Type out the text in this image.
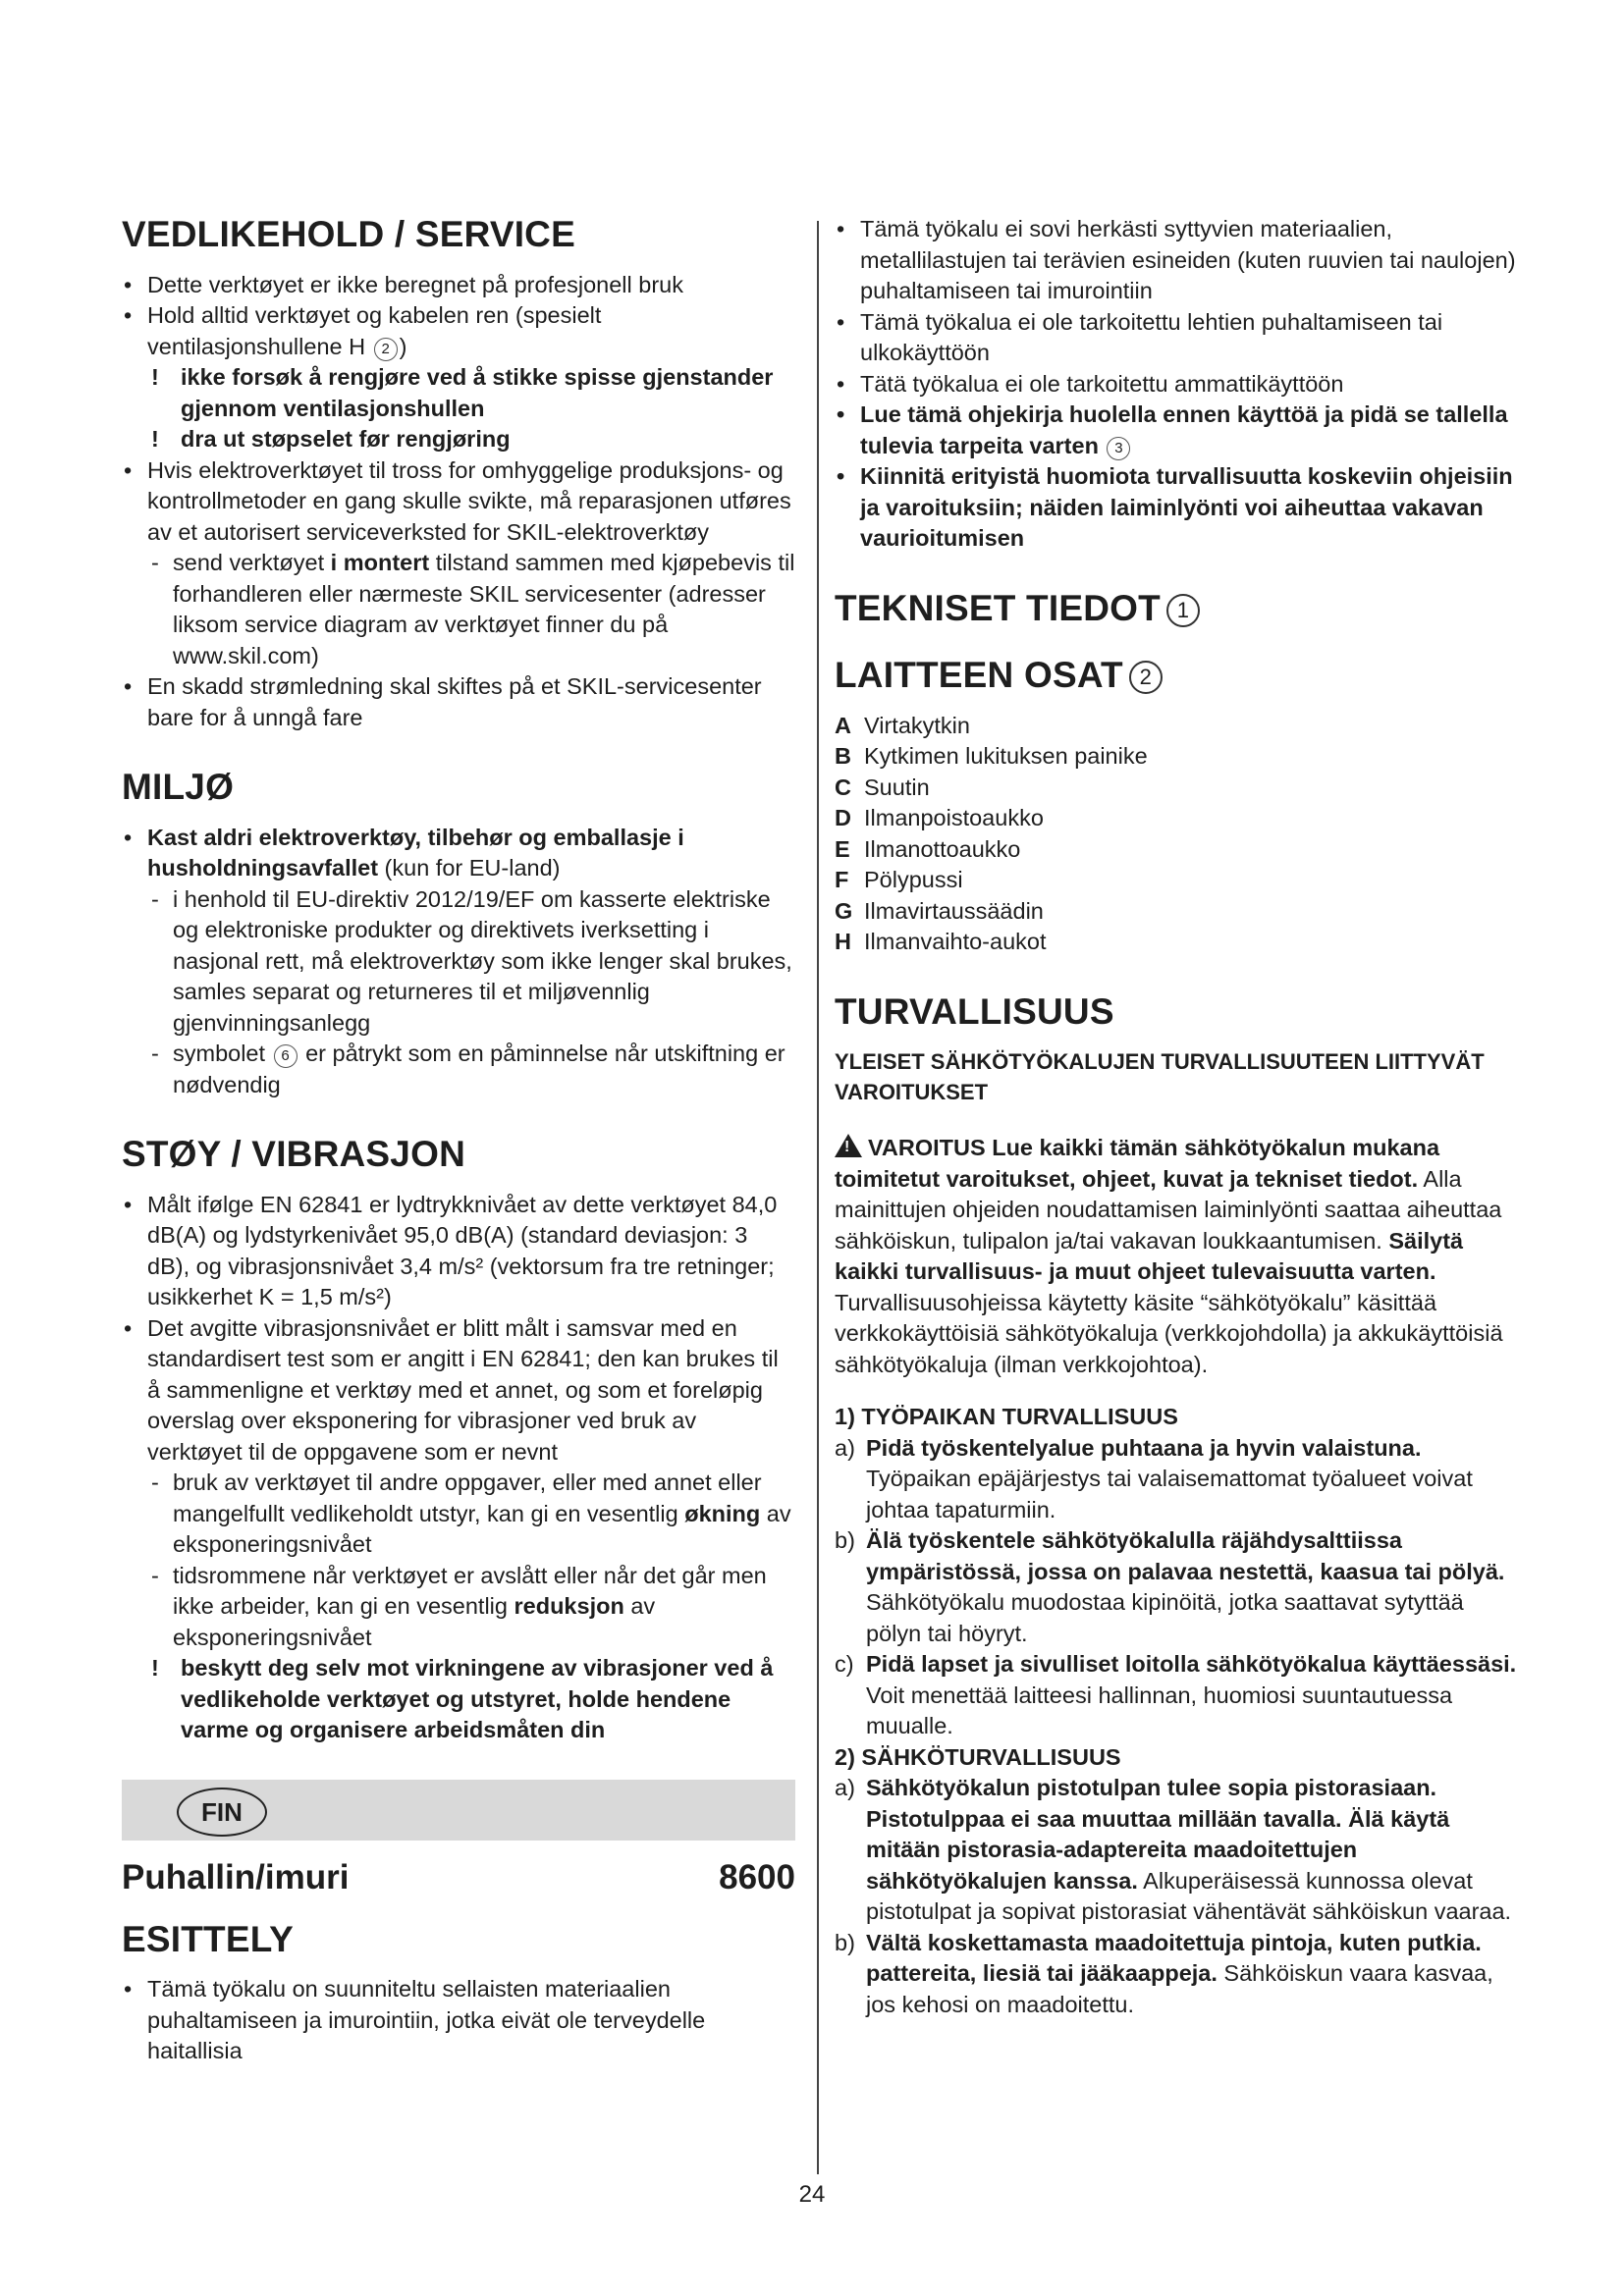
VEDLIKEHOLD / SERVICE
• Dette verktøyet er ikke beregnet på profesjonell bruk
• Hold alltid verktøyet og kabelen ren (spesielt ventilasjonshullene H 2 )
! ikke forsøk å rengjøre ved å stikke spisse gjenstander gjennom ventilasjonshullen
! dra ut støpselet før rengjøring
• Hvis elektroverktøyet til tross for omhyggelige produksjons- og kontrollmetoder en gang skulle svikte, må reparasjonen utføres av et autorisert serviceverksted for SKIL-elektroverktøy
- send verktøyet i montert tilstand sammen med kjøpebevis til forhandleren eller nærmeste SKIL servicesenter (adresser liksom service diagram av verktøyet finner du på www.skil.com)
• En skadd strømledning skal skiftes på et SKIL-servicesenter bare for å unngå fare
MILJØ
• Kast aldri elektroverktøy, tilbehør og emballasje i husholdningsavfallet (kun for EU-land)
- i henhold til EU-direktiv 2012/19/EF om kasserte elektriske og elektroniske produkter og direktivets iverksetting i nasjonal rett, må elektroverktøy som ikke lenger skal brukes, samles separat og returneres til et miljøvennlig gjenvinningsanlegg
- symbolet 6 er påtrykt som en påminnelse når utskiftning er nødvendig
STØY / VIBRASJON
• Målt ifølge EN 62841 er lydtrykknivået av dette verktøyet 84,0 dB(A) og lydstyrkenivået 95,0 dB(A) (standard deviasjon: 3 dB), og vibrasjonsnivået 3,4 m/s² (vektorsum fra tre retninger; usikkerhet K = 1,5 m/s²)
• Det avgitte vibrasjonsnivået er blitt målt i samsvar med en standardisert test som er angitt i EN 62841; den kan brukes til å sammenligne et verktøy med et annet, og som et foreløpig overslag over eksponering for vibrasjoner ved bruk av verktøyet til de oppgavene som er nevnt
- bruk av verktøyet til andre oppgaver, eller med annet eller mangelfullt vedlikeholdt utstyr, kan gi en vesentlig økning av eksponeringsnivået
- tidsrommene når verktøyet er avslått eller når det går men ikke arbeider, kan gi en vesentlig reduksjon av eksponeringsnivået
! beskytt deg selv mot virkningene av vibrasjoner ved å vedlikeholde verktøyet og utstyret, holde hendene varme og organisere arbeidsmåten din
FIN
Puhallin/imuri	8600
ESITTELY
• Tämä työkalu on suunniteltu sellaisten materiaalien puhaltamiseen ja imurointiin, jotka eivät ole terveydelle haitallisia
• Tämä työkalu ei sovi herkästi syttyvien materiaalien, metallilastujen tai terävien esineiden (kuten ruuvien tai naulojen) puhaltamiseen tai imurointiin
• Tämä työkalua ei ole tarkoitettu lehtien puhaltamiseen tai ulkokäyttöön
• Tätä työkalua ei ole tarkoitettu ammattikäyttöön
• Lue tämä ohjekirja huolella ennen käyttöä ja pidä se tallella tulevia tarpeita varten 3
• Kiinnitä erityistä huomiota turvallisuutta koskeviin ohjeisiin ja varoituksiin; näiden laiminlyönti voi aiheuttaa vakavan vaurioitumisen
TEKNISET TIEDOT 1
LAITTEEN OSAT 2
A Virtakytkin
B Kytkimen lukituksen painike
C Suutin
D Ilmanpoistoaukko
E Ilmanottoaukko
F Pölypussi
G Ilmavirtaussäädin
H Ilmanvaihto-aukot
TURVALLISUUS
YLEISET SÄHKÖTYÖKALUJEN TURVALLISUUTEEN LIITTYVÄT VAROITUKSET

! VAROITUS Lue kaikki tämän sähkötyökalun mukana toimitetut varoitukset, ohjeet, kuvat ja tekniset tiedot. Alla mainittujen ohjeiden noudattamisen laiminlyönti saattaa aiheuttaa sähköiskun, tulipalon ja/tai vakavan loukkaantumisen. Säilytä kaikki turvallisuus- ja muut ohjeet tulevaisuutta varten. Turvallisuusohjeissa käytetty käsite “sähkötyökalu” käsittää verkkokäyttöisiä sähkötyökaluja (verkkojohdolla) ja akkukäyttöisiä sähkötyökaluja (ilman verkkojohtoa).

1) TYÖPAIKAN TURVALLISUUS
a) Pidä työskentelyalue puhtaana ja hyvin valaistuna. Työpaikan epäjärjestys tai valaisemattomat työalueet voivat johtaa tapaturmiin.
b) Älä työskentele sähkötyökalulla räjähdysalttiissa ympäristössä, jossa on palavaa nestettä, kaasua tai pölyä. Sähkötyökalu muodostaa kipinöitä, jotka saattavat sytyttää pölyn tai höyryt.
c) Pidä lapset ja sivulliset loitolla sähkötyökalua käyttäessäsi. Voit menettää laitteesi hallinnan, huomiosi suuntautuessa muualle.
2) SÄHKÖTURVALLISUUS
a) Sähkötyökalun pistotulpan tulee sopia pistorasiaan. Pistotulppaa ei saa muuttaa millään tavalla. Älä käytä mitään pistorasia-adaptereita maadoitettujen sähkötyökalujen kanssa. Alkuperäisessä kunnossa olevat pistotulpat ja sopivat pistorasiat vähentävät sähköiskun vaaraa.
b) Vältä koskettamasta maadoitettuja pintoja, kuten putkia. pattereita, liesiä tai jääkaappeja. Sähköiskun vaara kasvaa, jos kehosi on maadoitettu.
24
